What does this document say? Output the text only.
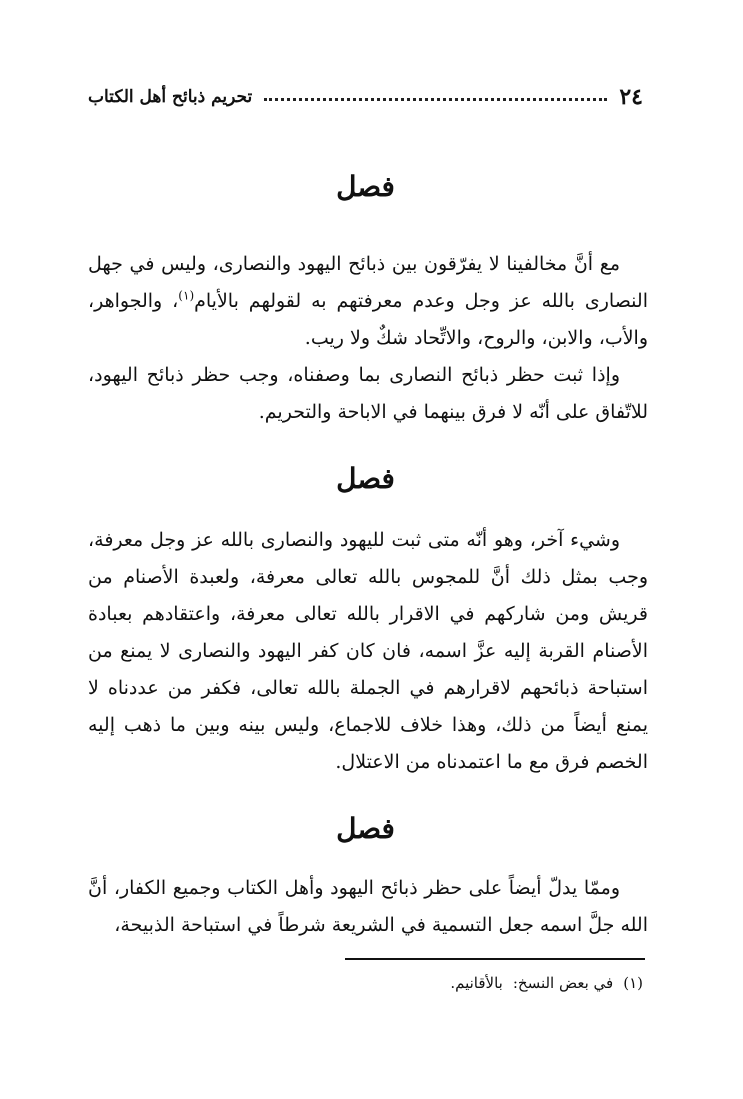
٢٤
تحريم ذبائح أهل الكتاب
فصل

مع أنَّ مخالفينا لا يفرّقون بين ذبائح اليهود والنصارى، وليس في جهل النصارى بالله عز وجل وعدم معرفتهم به لقولهم بالأيام$^{(١)}$، والجواهر، والأب، والابن، والروح، والاتِّحاد شكٌ ولا ريب.

وإذا ثبت حظر ذبائح النصارى بما وصفناه، وجب حظر ذبائح اليهود، للاتّفاق على أنّه لا فرق بينهما في الاباحة والتحريم.

فصل

وشيء آخر، وهو أنّه متى ثبت لليهود والنصارى بالله عز وجل معرفة، وجب بمثل ذلك أنَّ للمجوس بالله تعالى معرفة، ولعبدة الأصنام من قريش ومن شاركهم في الاقرار بالله تعالى معرفة، واعتقادهم بعبادة الأصنام القربة إليه عزَّ اسمه، فان كان كفر اليهود والنصارى لا يمنع من استباحة ذبائحهم لاقرارهم في الجملة بالله تعالى، فكفر من عددناه لا يمنع أيضاً من ذلك، وهذا خلاف للاجماع، وليس بينه وبين ما ذهب إليه الخصم فرق مع ما اعتمدناه من الاعتلال.

فصل

وممّا يدلّ أيضاً على حظر ذبائح اليهود وأهل الكتاب وجميع الكفار، أنَّ الله جلَّ اسمه جعل التسمية في الشريعة شرطاً في استباحة الذبيحة،

(١)في بعض النسخ:بالأقانيم.
